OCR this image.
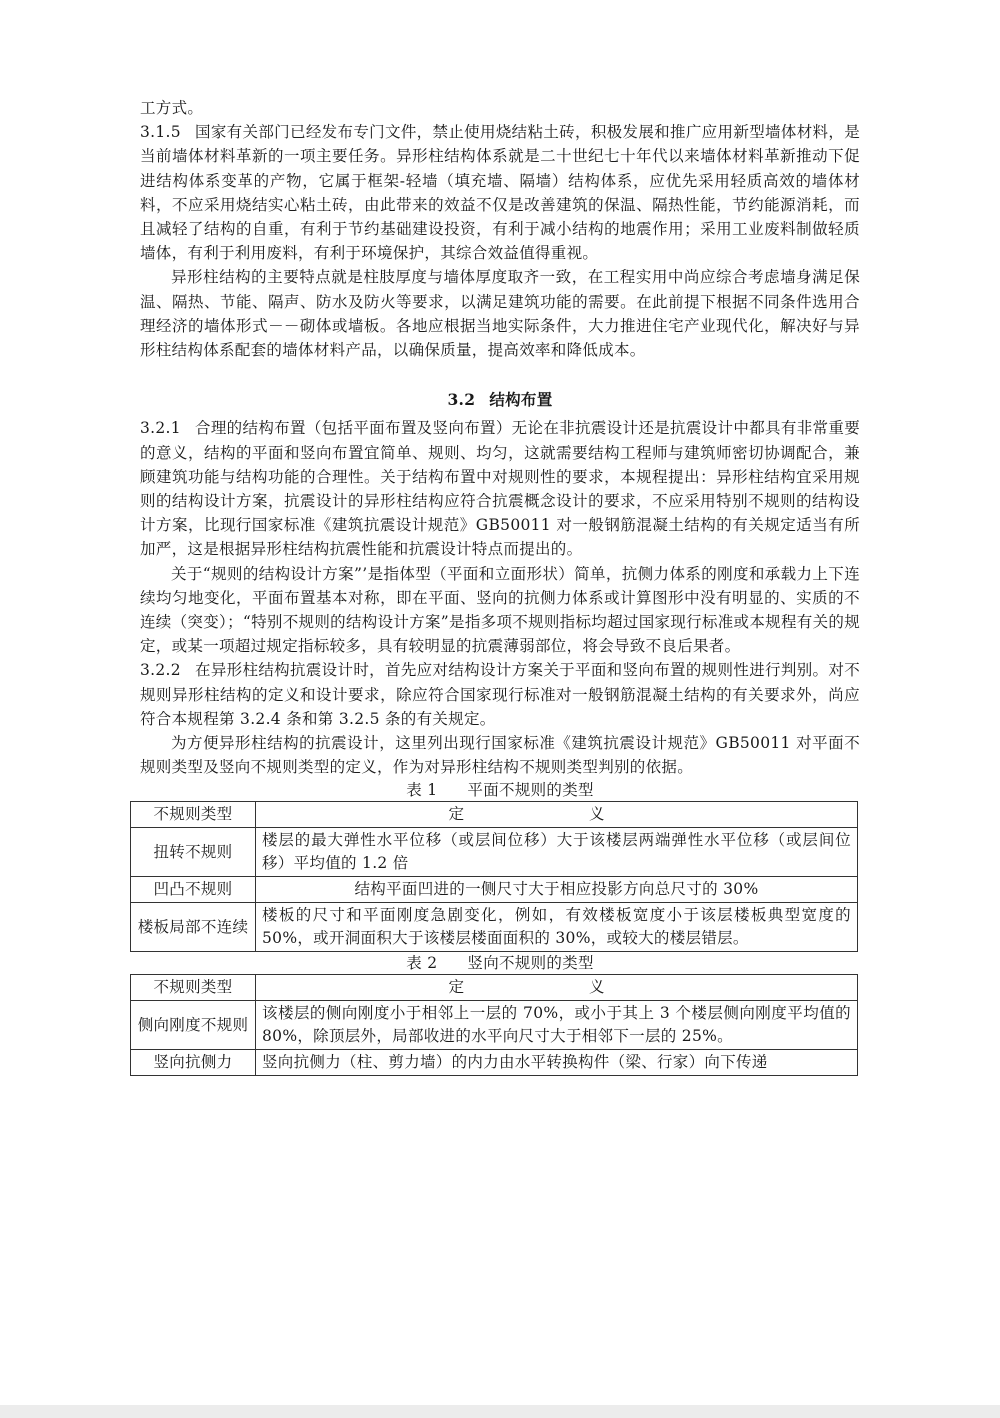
工方式。

3.1.5 国家有关部门已经发布专门文件，禁止使用烧结粘土砖，积极发展和推广应用新型墙体材料，是当前墙体材料革新的一项主要任务。异形柱结构体系就是二十世纪七十年代以来墙体材料革新推动下促进结构体系变革的产物，它属于框架-轻墙（填充墙、隔墙）结构体系，应优先采用轻质高效的墙体材料，不应采用烧结实心粘土砖，由此带来的效益不仅是改善建筑的保温、隔热性能，节约能源消耗，而且减轻了结构的自重，有利于节约基础建设投资，有利于减小结构的地震作用；采用工业废料制做轻质墙体，有利于利用废料，有利于环境保护，其综合效益值得重视。

异形柱结构的主要特点就是柱肢厚度与墙体厚度取齐一致，在工程实用中尚应综合考虑墙身满足保温、隔热、节能、隔声、防水及防火等要求，以满足建筑功能的需要。在此前提下根据不同条件选用合理经济的墙体形式－－砌体或墙板。各地应根据当地实际条件，大力推进住宅产业现代化，解决好与异形柱结构体系配套的墙体材料产品，以确保质量，提高效率和降低成本。

3.2 结构布置

3.2.1 合理的结构布置（包括平面布置及竖向布置）无论在非抗震设计还是抗震设计中都具有非常重要的意义，结构的平面和竖向布置宜简单、规则、均匀，这就需要结构工程师与建筑师密切协调配合，兼顾建筑功能与结构功能的合理性。关于结构布置中对规则性的要求，本规程提出：异形柱结构宜采用规则的结构设计方案，抗震设计的异形柱结构应符合抗震概念设计的要求，不应采用特别不规则的结构设计方案，比现行国家标准《建筑抗震设计规范》GB50011 对一般钢筋混凝土结构的有关规定适当有所加严，这是根据异形柱结构抗震性能和抗震设计特点而提出的。

关于“规则的结构设计方案”’是指体型（平面和立面形状）简单，抗侧力体系的刚度和承载力上下连续均匀地变化，平面布置基本对称，即在平面、竖向的抗侧力体系或计算图形中没有明显的、实质的不连续（突变）；“特别不规则的结构设计方案”是指多项不规则指标均超过国家现行标准或本规程有关的规定，或某一项超过规定指标较多，具有较明显的抗震薄弱部位，将会导致不良后果者。

3.2.2 在异形柱结构抗震设计时，首先应对结构设计方案关于平面和竖向布置的规则性进行判别。对不规则异形柱结构的定义和设计要求，除应符合国家现行标准对一般钢筋混凝土结构的有关要求外，尚应符合本规程第 3.2.4 条和第 3.2.5 条的有关规定。

为方便异形柱结构的抗震设计，这里列出现行国家标准《建筑抗震设计规范》GB50011 对平面不规则类型及竖向不规则类型的定义，作为对异形柱结构不规则类型判别的依据。

表 1 平面不规则的类型
不规则类型	定 义
扭转不规则	楼层的最大弹性水平位移（或层间位移）大于该楼层两端弹性水平位移（或层间位移）平均值的 1.2 倍
凹凸不规则	结构平面凹进的一侧尺寸大于相应投影方向总尺寸的 30%
楼板局部不连续	楼板的尺寸和平面刚度急剧变化，例如，有效楼板宽度小于该层楼板典型宽度的 50%，或开洞面积大于该楼层楼面面积的 30%，或较大的楼层错层。
表 2 竖向不规则的类型
不规则类型	定 义
侧向刚度不规则	该楼层的侧向刚度小于相邻上一层的 70%，或小于其上 3 个楼层侧向刚度平均值的 80%，除顶层外，局部收进的水平向尺寸大于相邻下一层的 25%。
竖向抗侧力	竖向抗侧力（柱、剪力墙）的内力由水平转换构件（梁、行家）向下传递
